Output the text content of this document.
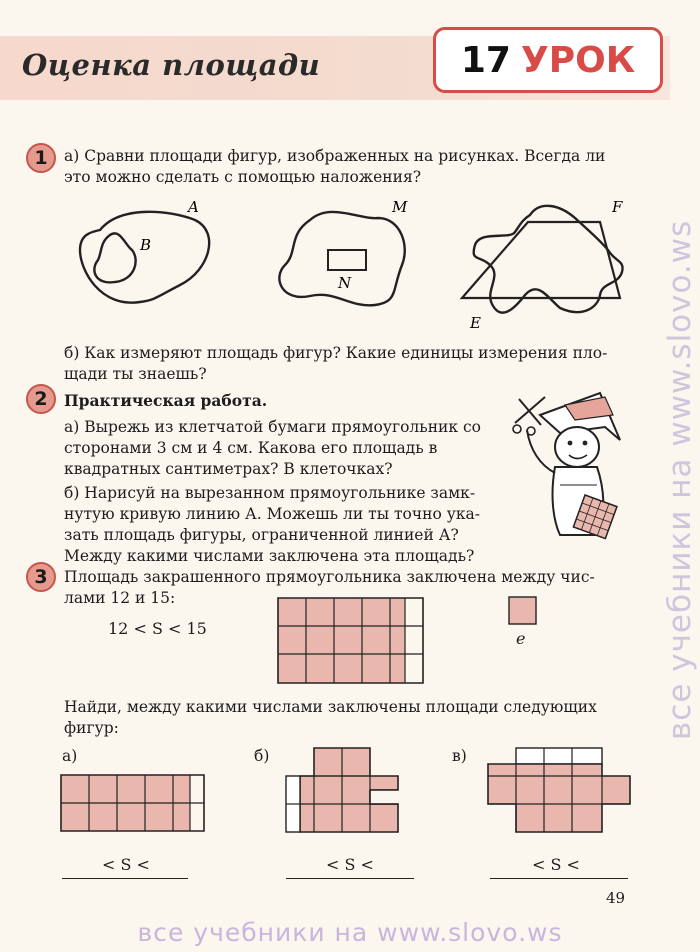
Оценка площади	17 УРОК
1	а) Сравни площади фигур, изображенных на рисунках. Всегда ли
это можно сделать с помощью наложения?
A
B
M
N
F
E
б) Как измеряют площадь фигур? Какие единицы измерения пло-
щади ты знаешь?
2	Практическая работа.
а) Вырежь из клетчатой бумаги прямоугольник со
сторонами 3 см и 4 см. Какова его площадь в
квадратных сантиметрах? В клеточках?
б) Нарисуй на вырезанном прямоугольнике замк-
нутую кривую линию А. Можешь ли ты точно ука-
зать площадь фигуры, ограниченной линией А?
Между какими числами заключена эта площадь?
3	Площадь закрашенного прямоугольника заключена между чис-
лами 12 и 15:
12 < S < 15
e
Найди, между какими числами заключены площади следующих
фигур:
а)	б)	в)
< S <	< S <	< S <
49
все учебники на www.slovo.ws
все учебники на www.slovo.ws
